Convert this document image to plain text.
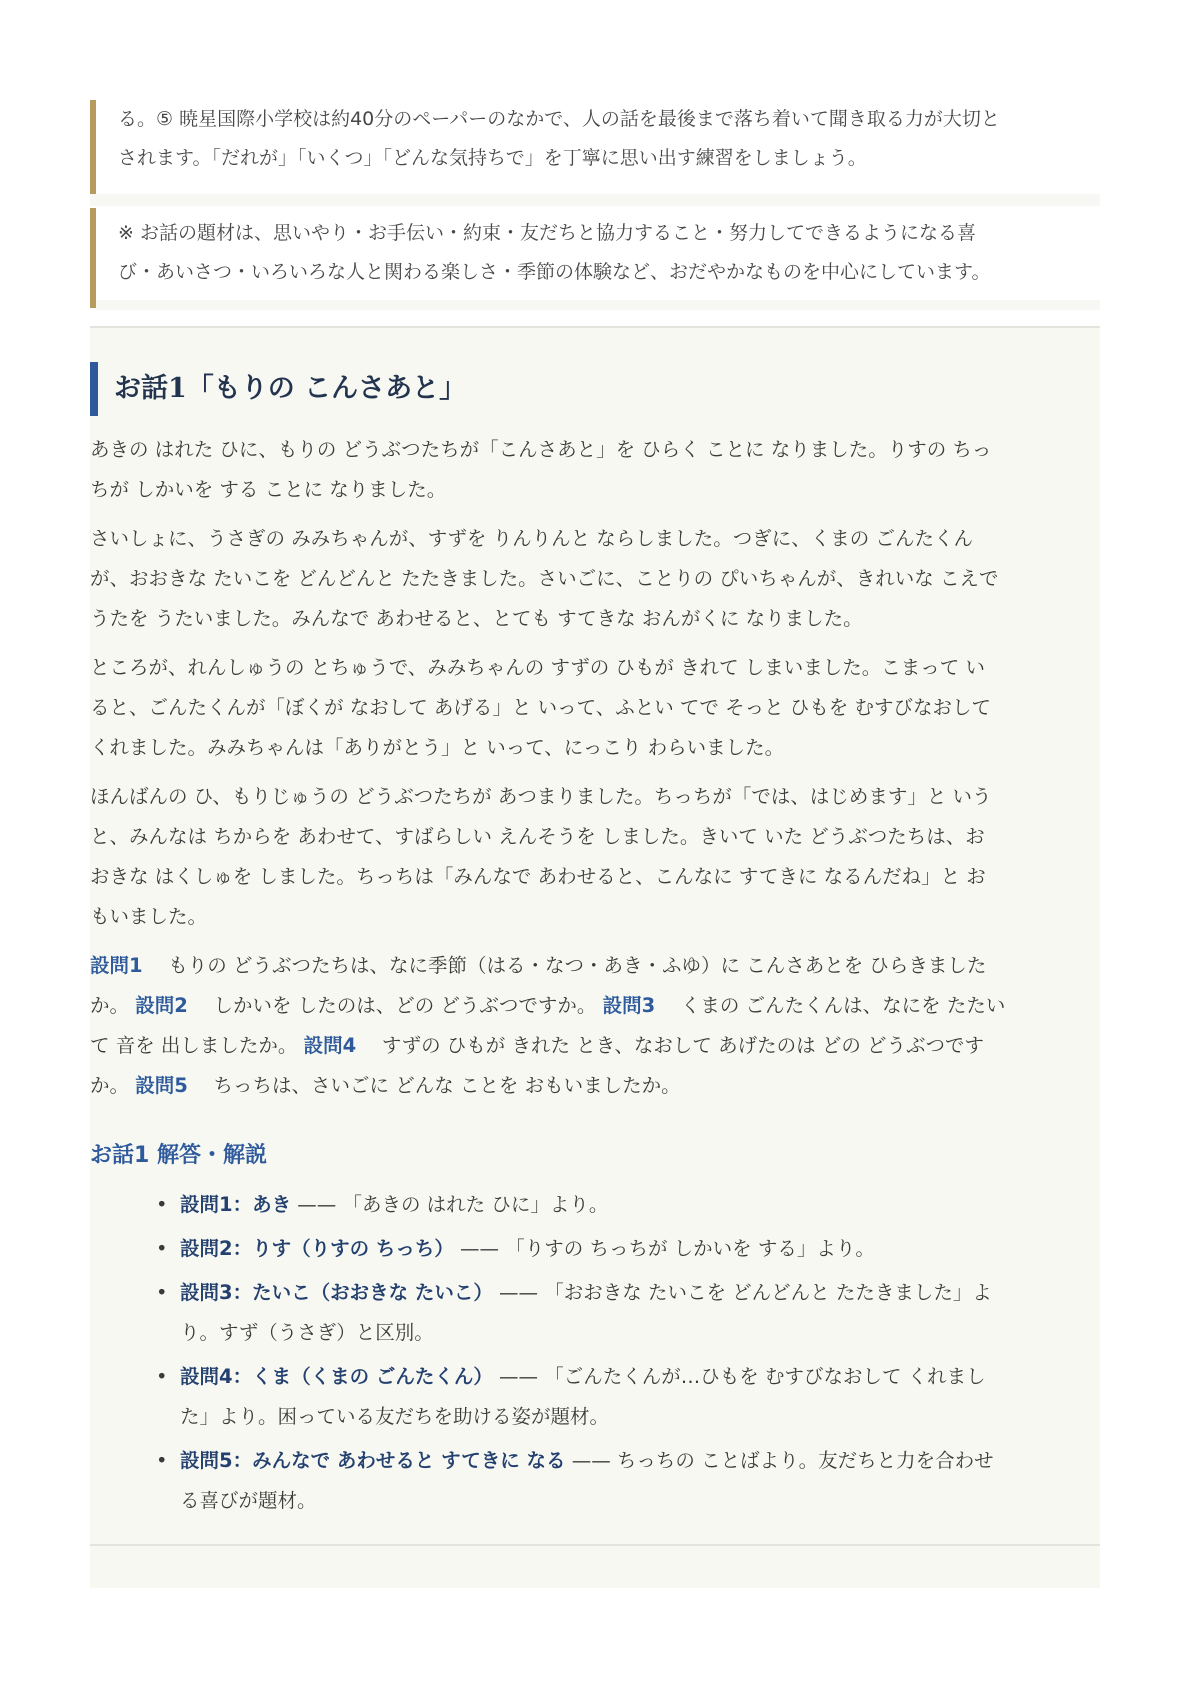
る。⑤ 暁星国際小学校は約40分のペーパーのなかで、人の話を最後まで落ち着いて聞き取る力が大切と
されます。「だれが」「いくつ」「どんな気持ちで」を丁寧に思い出す練習をしましょう。
※ お話の題材は、思いやり・お手伝い・約束・友だちと協力すること・努力してできるようになる喜
び・あいさつ・いろいろな人と関わる楽しさ・季節の体験など、おだやかなものを中心にしています。
お話1「もりの こんさあと」
あきの はれた ひに、もりの どうぶつたちが「こんさあと」を ひらく ことに なりました。りすの ちっ
ちが しかいを する ことに なりました。
さいしょに、うさぎの みみちゃんが、すずを りんりんと ならしました。つぎに、くまの ごんたくん
が、おおきな たいこを どんどんと たたきました。さいごに、ことりの ぴいちゃんが、きれいな こえで
うたを うたいました。みんなで あわせると、とても すてきな おんがくに なりました。
ところが、れんしゅうの とちゅうで、みみちゃんの すずの ひもが きれて しまいました。こまって い
ると、ごんたくんが「ぼくが なおして あげる」と いって、ふとい てで そっと ひもを むすびなおして
くれました。みみちゃんは「ありがとう」と いって、にっこり わらいました。
ほんばんの ひ、もりじゅうの どうぶつたちが あつまりました。ちっちが「では、はじめます」と いう
と、みんなは ちからを あわせて、すばらしい えんそうを しました。きいて いた どうぶつたちは、お
おきな はくしゅを しました。ちっちは「みんなで あわせると、こんなに すてきに なるんだね」と お
もいました。
設問1 　 もりの どうぶつたちは、なに季節（はる・なつ・あき・ふゆ）に こんさあとを ひらきました
か。 設問2 　 しかいを したのは、どの どうぶつですか。 設問3 　 くまの ごんたくんは、なにを たたい
て 音を 出しましたか。 設問4 　 すずの ひもが きれた とき、なおして あげたのは どの どうぶつです
か。 設問5 　 ちっちは、さいごに どんな ことを おもいましたか。
お話1 解答・解説
• 設問1：あき —— 「あきの はれた ひに」より。
• 設問2：りす（りすの ちっち） —— 「りすの ちっちが しかいを する」より。
• 設問3：たいこ（おおきな たいこ） —— 「おおきな たいこを どんどんと たたきました」よ
り。すず（うさぎ）と区別。
• 設問4：くま（くまの ごんたくん） —— 「ごんたくんが…ひもを むすびなおして くれまし
た」より。困っている友だちを助ける姿が題材。
• 設問5：みんなで あわせると すてきに なる —— ちっちの ことばより。友だちと力を合わせ
る喜びが題材。
